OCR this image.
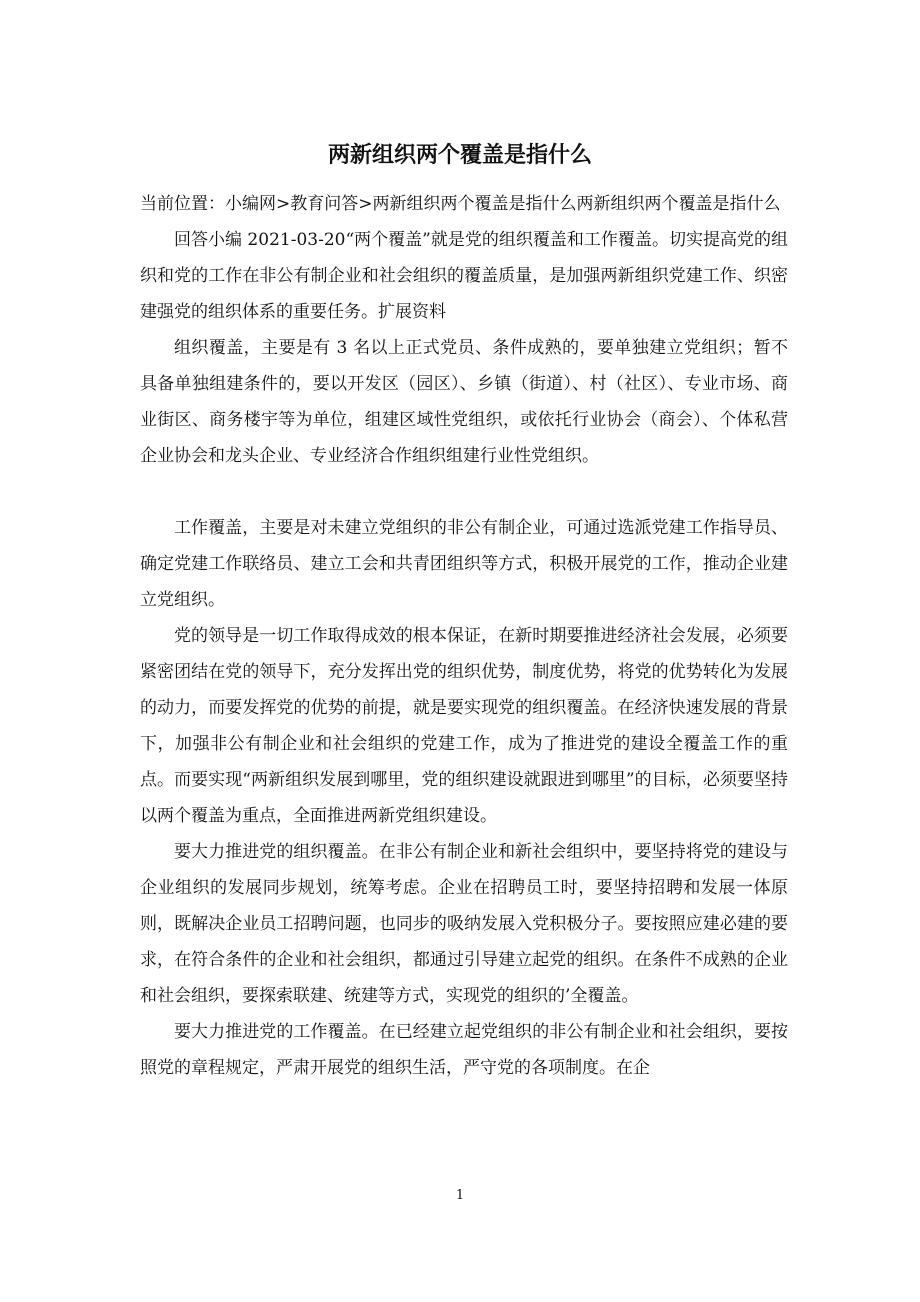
两新组织两个覆盖是指什么

当前位置：小编网>教育问答>两新组织两个覆盖是指什么两新组织两个覆盖是指什么

回答小编 2021-03-20“两个覆盖”就是党的组织覆盖和工作覆盖。切实提高党的组织和党的工作在非公有制企业和社会组织的覆盖质量，是加强两新组织党建工作、织密建强党的组织体系的重要任务。扩展资料

组织覆盖，主要是有 3 名以上正式党员、条件成熟的，要单独建立党组织；暂不具备单独组建条件的，要以开发区（园区）、乡镇（街道）、村（社区）、专业市场、商业街区、商务楼宇等为单位，组建区域性党组织，或依托行业协会（商会）、个体私营企业协会和龙头企业、专业经济合作组织组建行业性党组织。

工作覆盖，主要是对未建立党组织的非公有制企业，可通过选派党建工作指导员、确定党建工作联络员、建立工会和共青团组织等方式，积极开展党的工作，推动企业建立党组织。

党的领导是一切工作取得成效的根本保证，在新时期要推进经济社会发展，必须要紧密团结在党的领导下，充分发挥出党的组织优势，制度优势，将党的优势转化为发展的动力，而要发挥党的优势的前提，就是要实现党的组织覆盖。在经济快速发展的背景下，加强非公有制企业和社会组织的党建工作，成为了推进党的建设全覆盖工作的重点。而要实现“两新组织发展到哪里，党的组织建设就跟进到哪里”的目标，必须要坚持以两个覆盖为重点，全面推进两新党组织建设。

要大力推进党的组织覆盖。在非公有制企业和新社会组织中，要坚持将党的建设与企业组织的发展同步规划，统筹考虑。企业在招聘员工时，要坚持招聘和发展一体原则，既解决企业员工招聘问题，也同步的吸纳发展入党积极分子。要按照应建必建的要求，在符合条件的企业和社会组织，都通过引导建立起党的组织。在条件不成熟的企业和社会组织，要探索联建、统建等方式，实现党的组织的’全覆盖。

要大力推进党的工作覆盖。在已经建立起党组织的非公有制企业和社会组织，要按照党的章程规定，严肃开展党的组织生活，严守党的各项制度。在企

1
